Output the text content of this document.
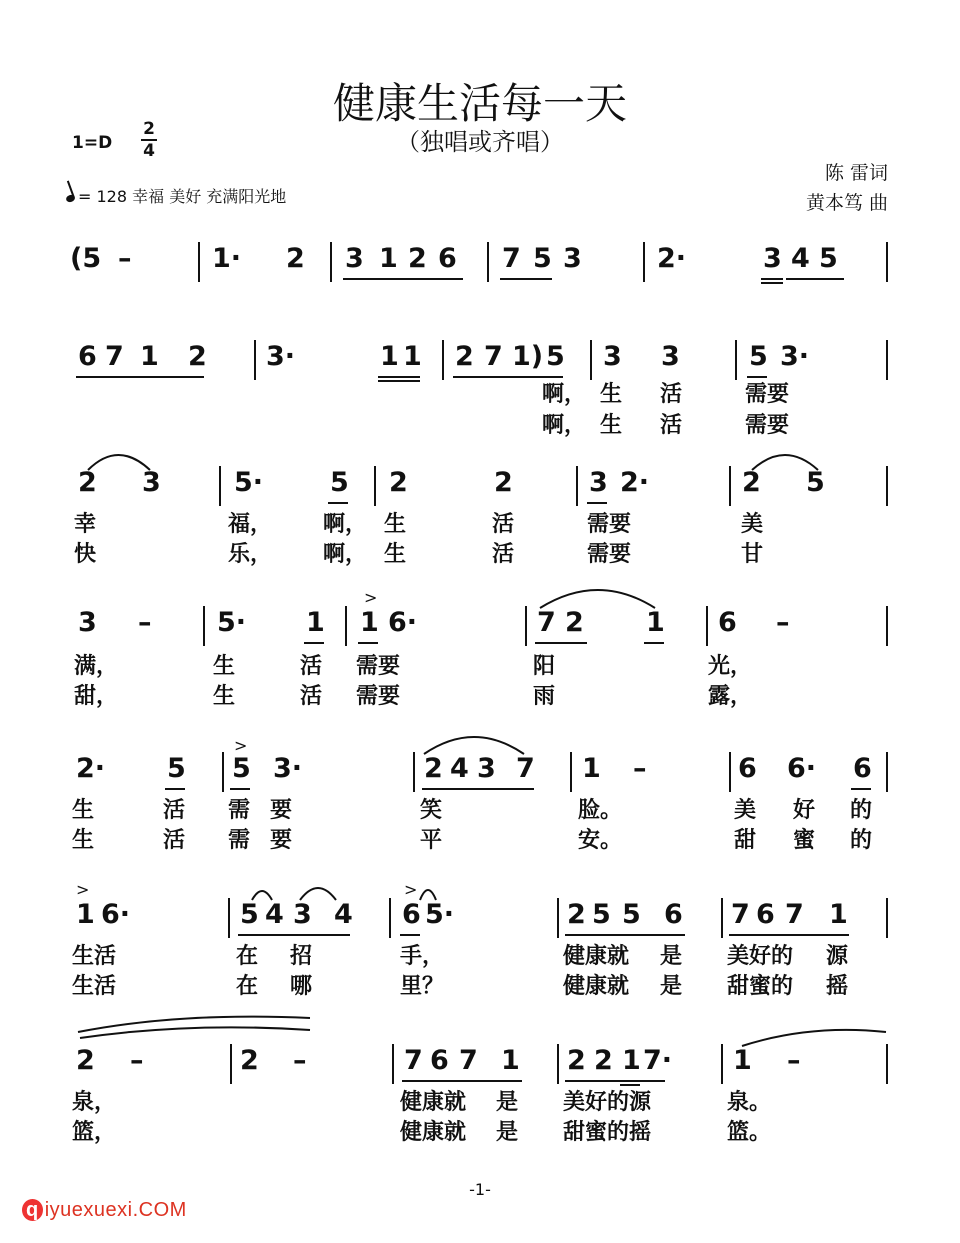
健康生活每一天
（独唱或齐唱）
1=D
2
4
= 128 幸福 美好 充满阳光地
陈 雷词
黄本笃 曲
(5 –	1· 2 3 1 2 6 7 5 3	2·	3 4 5
6 7 1 2 3·	1 1 2 7 1) 5 3 3	5 3·
啊， 生 活	需要
啊， 生 活	需要
2 3	5· 5 2	2	3 2·	2 5
幸	福， 啊， 生	活	需要	美
快	乐， 啊， 生	活	需要	甘
>
3 – 5· 1 1 6·	7 2 1 6 –
满，	生	活 需要	阳	光，
甜，	生	活 需要	雨	露，
>
2· 5 5 3·	2 4 3 7 1 –	6 6· 6
生	活 需 要	笑	脸。	美 好 的
生	活 需 要	平	安。	甜 蜜 的
>	>
1 6·	5 4 3 4 6 5·	2 5 5 6 7 6 7 1
生活	在 招	手，	健康就 是 美好的 源
生活	在 哪	里？	健康就 是 甜蜜的 摇
2 –	2 –	7 6 7 1 2 2 1 7· 1 –
泉，	健康就 是 美好的源	泉。
篮，	健康就 是 甜蜜的摇	篮。
-1-
q iyuexuexi.COM
